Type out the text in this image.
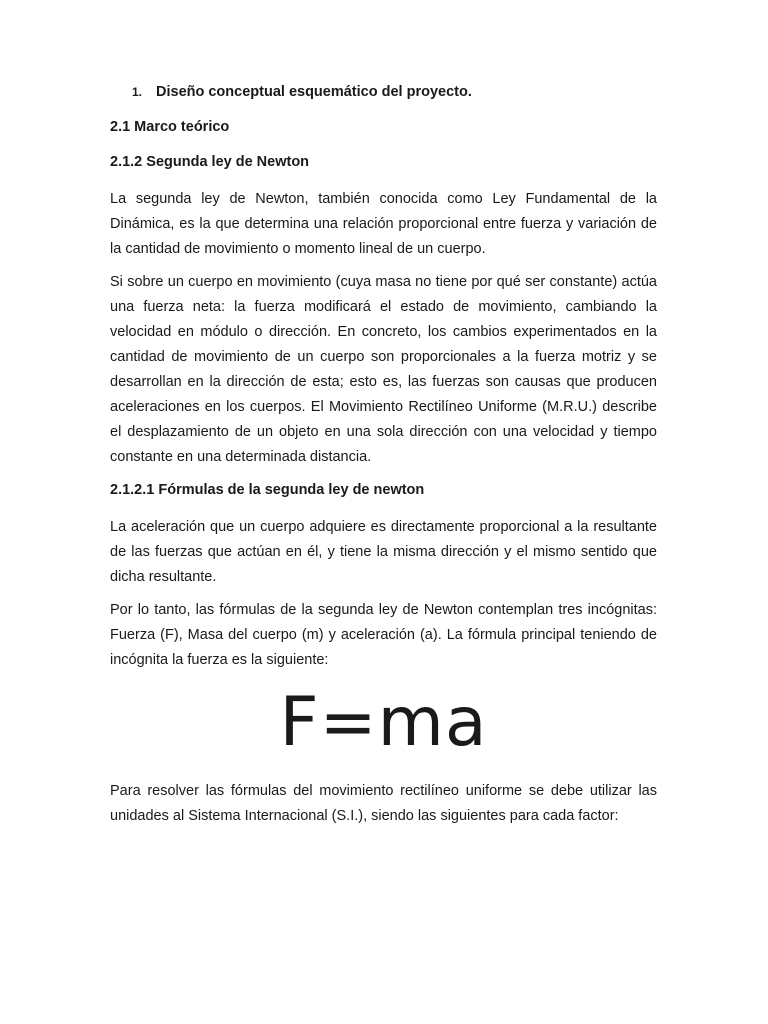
1. Diseño conceptual esquemático del proyecto.
2.1 Marco teórico
2.1.2 Segunda ley de Newton

La segunda ley de Newton, también conocida como Ley Fundamental de la Dinámica, es la que determina una relación proporcional entre fuerza y variación de la cantidad de movimiento o momento lineal de un cuerpo.

Si sobre un cuerpo en movimiento (cuya masa no tiene por qué ser constante) actúa una fuerza neta: la fuerza modificará el estado de movimiento, cambiando la velocidad en módulo o dirección. En concreto, los cambios experimentados en la cantidad de movimiento de un cuerpo son proporcionales a la fuerza motriz y se desarrollan en la dirección de esta; esto es, las fuerzas son causas que producen aceleraciones en los cuerpos. El Movimiento Rectilíneo Uniforme (M.R.U.) describe el desplazamiento de un objeto en una sola dirección con una velocidad y tiempo constante en una determinada distancia.

2.1.2.1 Fórmulas de la segunda ley de newton

La aceleración que un cuerpo adquiere es directamente proporcional a la resultante de las fuerzas que actúan en él, y tiene la misma dirección y el mismo sentido que dicha resultante.

Por lo tanto, las fórmulas de la segunda ley de Newton contemplan tres incógnitas: Fuerza (F), Masa del cuerpo (m) y aceleración (a). La fórmula principal teniendo de incógnita la fuerza es la siguiente:

F=ma

Para resolver las fórmulas del movimiento rectilíneo uniforme se debe utilizar las unidades al Sistema Internacional (S.I.), siendo las siguientes para cada factor:
